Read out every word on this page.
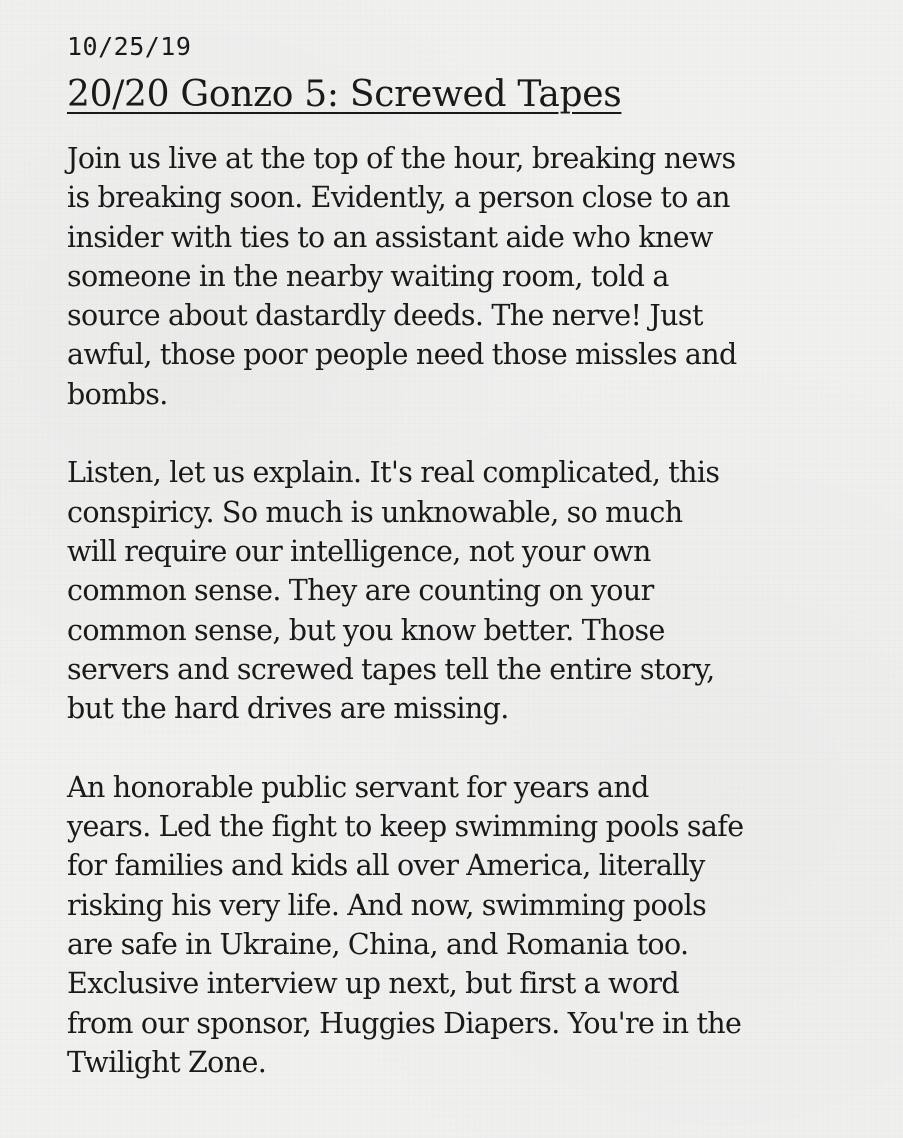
10/25/19

20/20 Gonzo 5: Screwed Tapes

Join us live at the top of the hour, breaking news
is breaking soon. Evidently, a person close to an
insider with ties to an assistant aide who knew
someone in the nearby waiting room, told a
source about dastardly deeds. The nerve! Just
awful, those poor people need those missles and
bombs.

Listen, let us explain. It's real complicated, this
conspiricy. So much is unknowable, so much
will require our intelligence, not your own
common sense. They are counting on your
common sense, but you know better. Those
servers and screwed tapes tell the entire story,
but the hard drives are missing.

An honorable public servant for years and
years. Led the fight to keep swimming pools safe
for families and kids all over America, literally
risking his very life. And now, swimming pools
are safe in Ukraine, China, and Romania too.
Exclusive interview up next, but first a word
from our sponsor, Huggies Diapers. You're in the
Twilight Zone.
